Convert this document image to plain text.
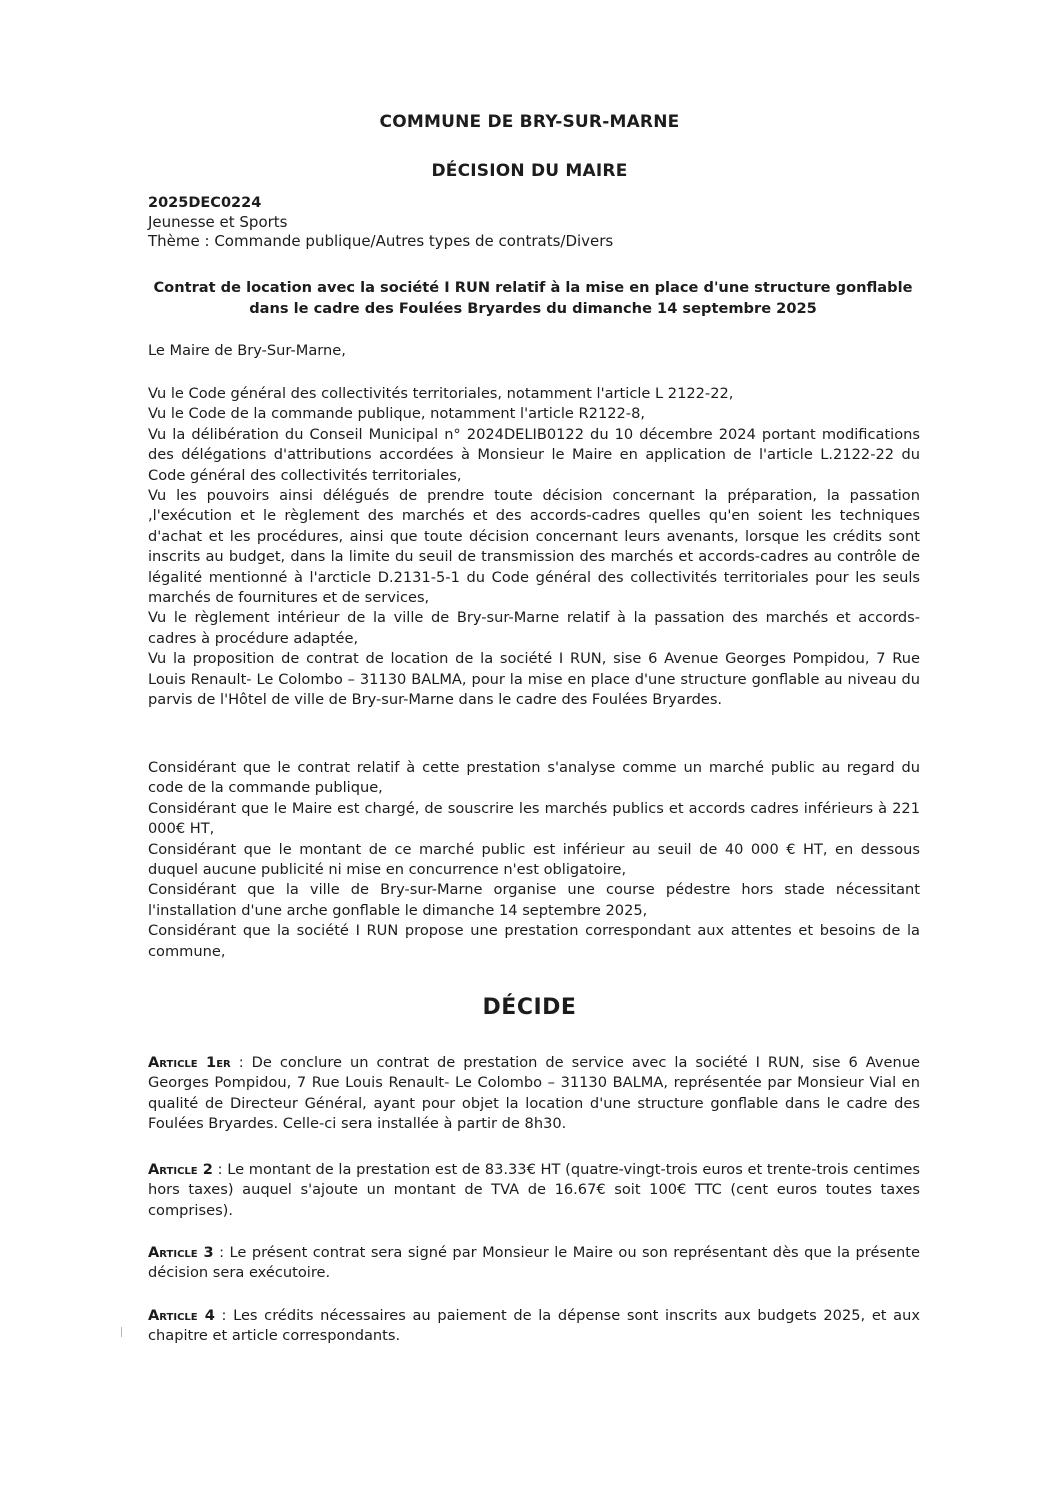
COMMUNE DE BRY-SUR-MARNE
DÉCISION DU MAIRE
2025DEC0224
Jeunesse et Sports
Thème : Commande publique/Autres types de contrats/Divers
Contrat de location avec la société I RUN relatif à la mise en place d'une structure gonflable
dans le cadre des Foulées Bryardes du dimanche 14 septembre 2025

Le Maire de Bry-Sur-Marne,

Vu le Code général des collectivités territoriales, notamment l'article L 2122-22,

Vu le Code de la commande publique, notamment l'article R2122-8,

Vu la délibération du Conseil Municipal n° 2024DELIB0122 du 10 décembre 2024 portant modifications des délégations d'attributions accordées à Monsieur le Maire en application de l'article L.2122-22 du Code général des collectivités territoriales,

Vu les pouvoirs ainsi délégués de prendre toute décision concernant la préparation, la passation ,l'exécution et le règlement des marchés et des accords-cadres quelles qu'en soient les techniques d'achat et les procédures, ainsi que toute décision concernant leurs avenants, lorsque les crédits sont inscrits au budget, dans la limite du seuil de transmission des marchés et accords-cadres au contrôle de légalité mentionné à l'arcticle D.2131-5-1 du Code général des collectivités territoriales pour les seuls marchés de fournitures et de services,

Vu le règlement intérieur de la ville de Bry-sur-Marne relatif à la passation des marchés et accords-cadres à procédure adaptée,

Vu la proposition de contrat de location de la société I RUN, sise 6 Avenue Georges Pompidou, 7 Rue Louis Renault- Le Colombo – 31130 BALMA, pour la mise en place d'une structure gonflable au niveau du parvis de l'Hôtel de ville de Bry-sur-Marne dans le cadre des Foulées Bryardes.

Considérant que le contrat relatif à cette prestation s'analyse comme un marché public au regard du code de la commande publique,

Considérant que le Maire est chargé, de souscrire les marchés publics et accords cadres inférieurs à 221 000€ HT,

Considérant que le montant de ce marché public est inférieur au seuil de 40 000 € HT, en dessous duquel aucune publicité ni mise en concurrence n'est obligatoire,

Considérant que la ville de Bry-sur-Marne organise une course pédestre hors stade nécessitant l'installation d'une arche gonflable le dimanche 14 septembre 2025,

Considérant que la société I RUN propose une prestation correspondant aux attentes et besoins de la commune,

DÉCIDE
Article 1er : De conclure un contrat de prestation de service avec la société I RUN, sise 6 Avenue Georges Pompidou, 7 Rue Louis Renault- Le Colombo – 31130 BALMA, représentée par Monsieur Vial en qualité de Directeur Général, ayant pour objet la location d'une structure gonflable dans le cadre des Foulées Bryardes. Celle-ci sera installée à partir de 8h30.
Article 2 : Le montant de la prestation est de 83.33€ HT (quatre-vingt-trois euros et trente-trois centimes hors taxes) auquel s'ajoute un montant de TVA de 16.67€ soit 100€ TTC (cent euros toutes taxes comprises).
Article 3 : Le présent contrat sera signé par Monsieur le Maire ou son représentant dès que la présente décision sera exécutoire.
Article 4 : Les crédits nécessaires au paiement de la dépense sont inscrits aux budgets 2025, et aux chapitre et article correspondants.
